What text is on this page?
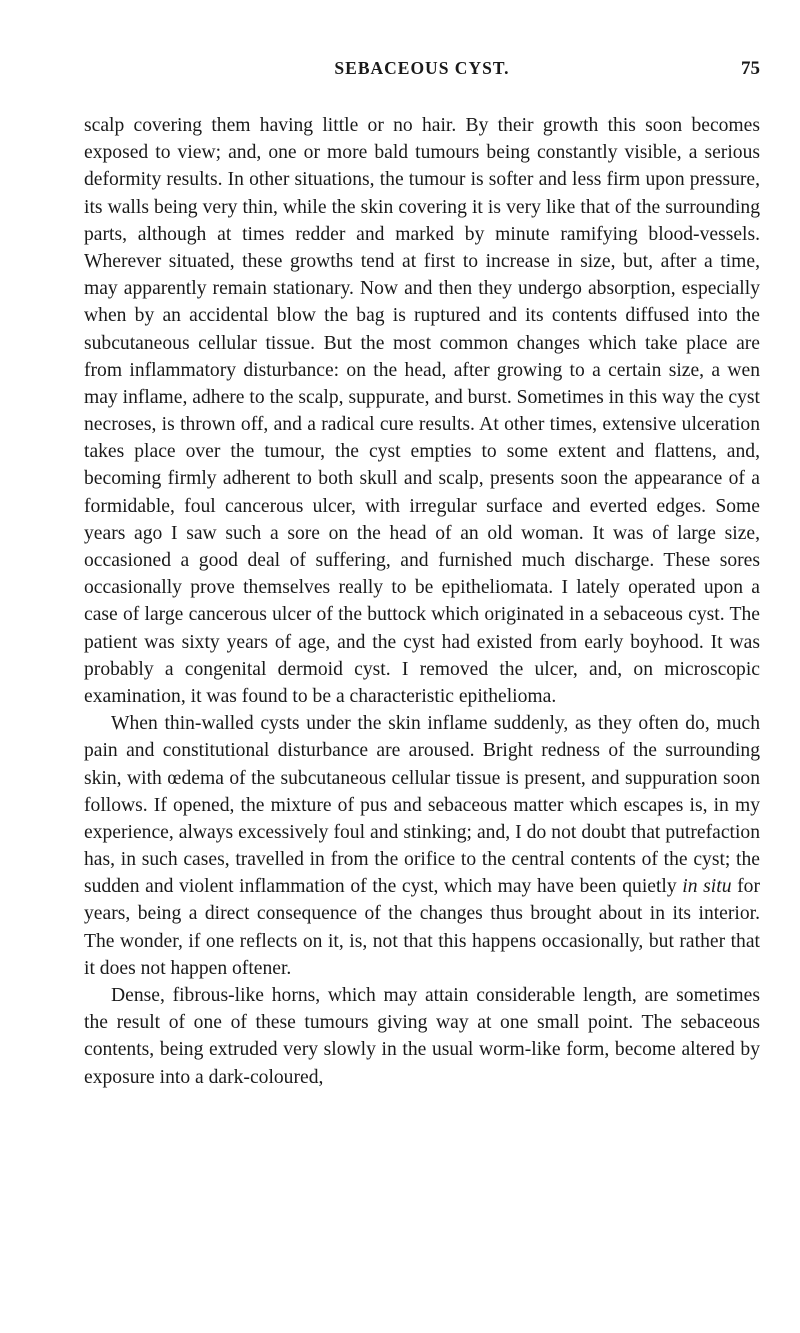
SEBACEOUS CYST.	75

scalp covering them having little or no hair. By their growth this soon becomes exposed to view; and, one or more bald tumours being constantly visible, a serious deformity results. In other situations, the tumour is softer and less firm upon pressure, its walls being very thin, while the skin covering it is very like that of the surrounding parts, although at times redder and marked by minute ramifying blood-vessels. Wherever situated, these growths tend at first to increase in size, but, after a time, may apparently remain stationary. Now and then they undergo absorption, especially when by an accidental blow the bag is ruptured and its contents diffused into the subcutaneous cellular tissue. But the most common changes which take place are from inflammatory disturbance: on the head, after growing to a certain size, a wen may inflame, adhere to the scalp, suppurate, and burst. Sometimes in this way the cyst necroses, is thrown off, and a radical cure results. At other times, extensive ulceration takes place over the tumour, the cyst empties to some extent and flattens, and, becoming firmly adherent to both skull and scalp, presents soon the appearance of a formidable, foul cancerous ulcer, with irregular surface and everted edges. Some years ago I saw such a sore on the head of an old woman. It was of large size, occasioned a good deal of suffering, and furnished much discharge. These sores occasionally prove themselves really to be epitheliomata. I lately operated upon a case of large cancerous ulcer of the buttock which originated in a sebaceous cyst. The patient was sixty years of age, and the cyst had existed from early boyhood. It was probably a congenital dermoid cyst. I removed the ulcer, and, on microscopic examination, it was found to be a characteristic epithelioma.

When thin-walled cysts under the skin inflame suddenly, as they often do, much pain and constitutional disturbance are aroused. Bright redness of the surrounding skin, with œdema of the subcutaneous cellular tissue is present, and suppuration soon follows. If opened, the mixture of pus and sebaceous matter which escapes is, in my experience, always excessively foul and stinking; and, I do not doubt that putrefaction has, in such cases, travelled in from the orifice to the central contents of the cyst; the sudden and violent inflammation of the cyst, which may have been quietly in situ for years, being a direct consequence of the changes thus brought about in its interior. The wonder, if one reflects on it, is, not that this happens occasionally, but rather that it does not happen oftener.

Dense, fibrous-like horns, which may attain considerable length, are sometimes the result of one of these tumours giving way at one small point. The sebaceous contents, being extruded very slowly in the usual worm-like form, become altered by exposure into a dark-coloured,
